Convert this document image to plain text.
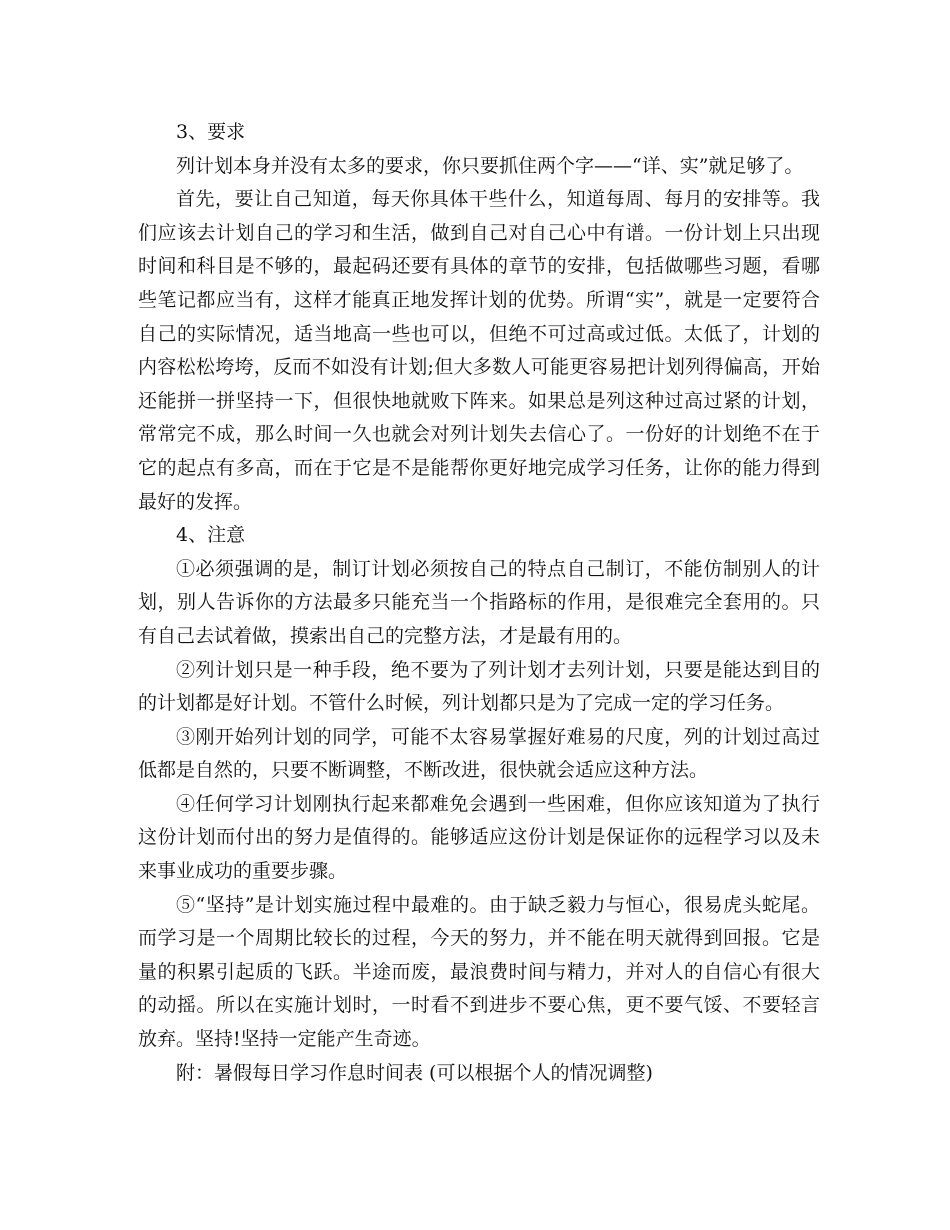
3、要求

列计划本身并没有太多的要求，你只要抓住两个字——“详、实”就足够了。

首先，要让自己知道，每天你具体干些什么，知道每周、每月的安排等。我们应该去计划自己的学习和生活，做到自己对自己心中有谱。一份计划上只出现时间和科目是不够的，最起码还要有具体的章节的安排，包括做哪些习题，看哪些笔记都应当有，这样才能真正地发挥计划的优势。所谓“实”，就是一定要符合自己的实际情况，适当地高一些也可以，但绝不可过高或过低。太低了，计划的内容松松垮垮，反而不如没有计划;但大多数人可能更容易把计划列得偏高，开始还能拼一拼坚持一下，但很快地就败下阵来。如果总是列这种过高过紧的计划，常常完不成，那么时间一久也就会对列计划失去信心了。一份好的计划绝不在于它的起点有多高，而在于它是不是能帮你更好地完成学习任务，让你的能力得到最好的发挥。

4、注意

①必须强调的是，制订计划必须按自己的特点自己制订，不能仿制别人的计划，别人告诉你的方法最多只能充当一个指路标的作用，是很难完全套用的。只有自己去试着做，摸索出自己的完整方法，才是最有用的。

②列计划只是一种手段，绝不要为了列计划才去列计划，只要是能达到目的的计划都是好计划。不管什么时候，列计划都只是为了完成一定的学习任务。

③刚开始列计划的同学，可能不太容易掌握好难易的尺度，列的计划过高过低都是自然的，只要不断调整，不断改进，很快就会适应这种方法。

④任何学习计划刚执行起来都难免会遇到一些困难，但你应该知道为了执行这份计划而付出的努力是值得的。能够适应这份计划是保证你的远程学习以及未来事业成功的重要步骤。

⑤“坚持”是计划实施过程中最难的。由于缺乏毅力与恒心，很易虎头蛇尾。而学习是一个周期比较长的过程，今天的努力，并不能在明天就得到回报。它是量的积累引起质的飞跃。半途而废，最浪费时间与精力，并对人的自信心有很大的动摇。所以在实施计划时，一时看不到进步不要心焦，更不要气馁、不要轻言放弃。坚持!坚持一定能产生奇迹。

附：暑假每日学习作息时间表 (可以根据个人的情况调整)
